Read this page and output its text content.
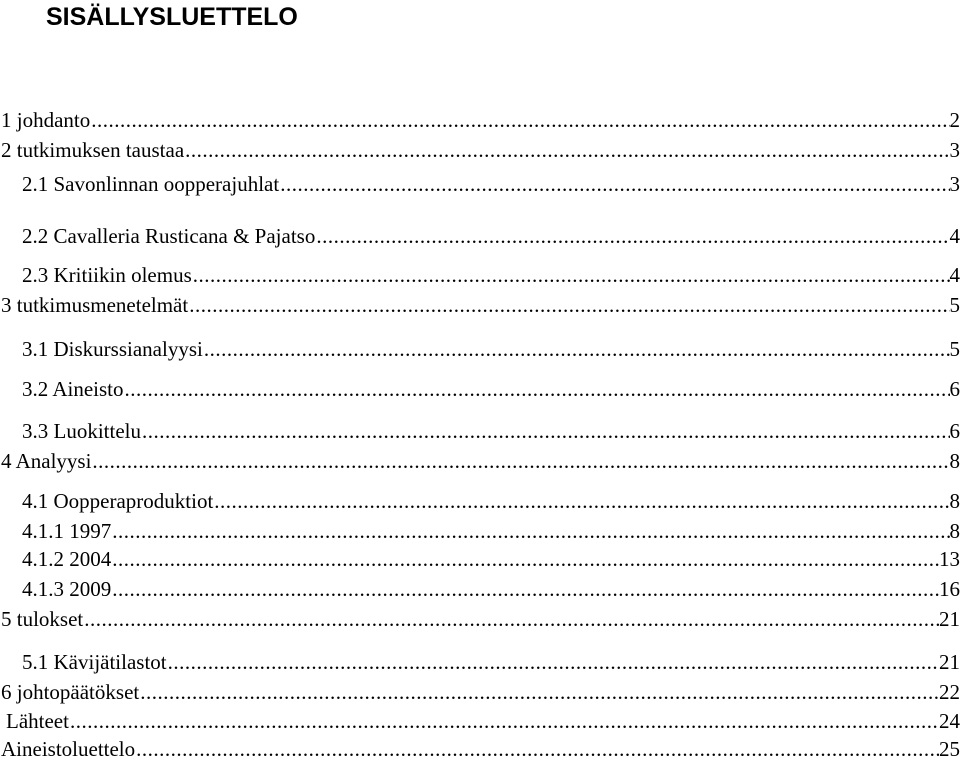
SISÄLLYSLUETTELO
1 johdanto .....	2
2 tutkimuksen taustaa .....	3
2.1 Savonlinnan oopperajuhlat .....	3
2.2 Cavalleria Rusticana & Pajatso .....	4
2.3 Kritiikin olemus .....	4
3 tutkimusmenetelmät .....	5
3.1 Diskurssianalyysi .....	5
3.2 Aineisto .....	6
3.3 Luokittelu .....	6
4 Analyysi .....	8
4.1 Oopperaproduktiot .....	8
4.1.1 1997 .....	8
4.1.2 2004 .....	13
4.1.3 2009 .....	16
5 tulokset .....	21
5.1 Kävijätilastot .....	21
6 johtopäätökset .....	22
Lähteet .....	24
Aineistoluettelo .....	25
